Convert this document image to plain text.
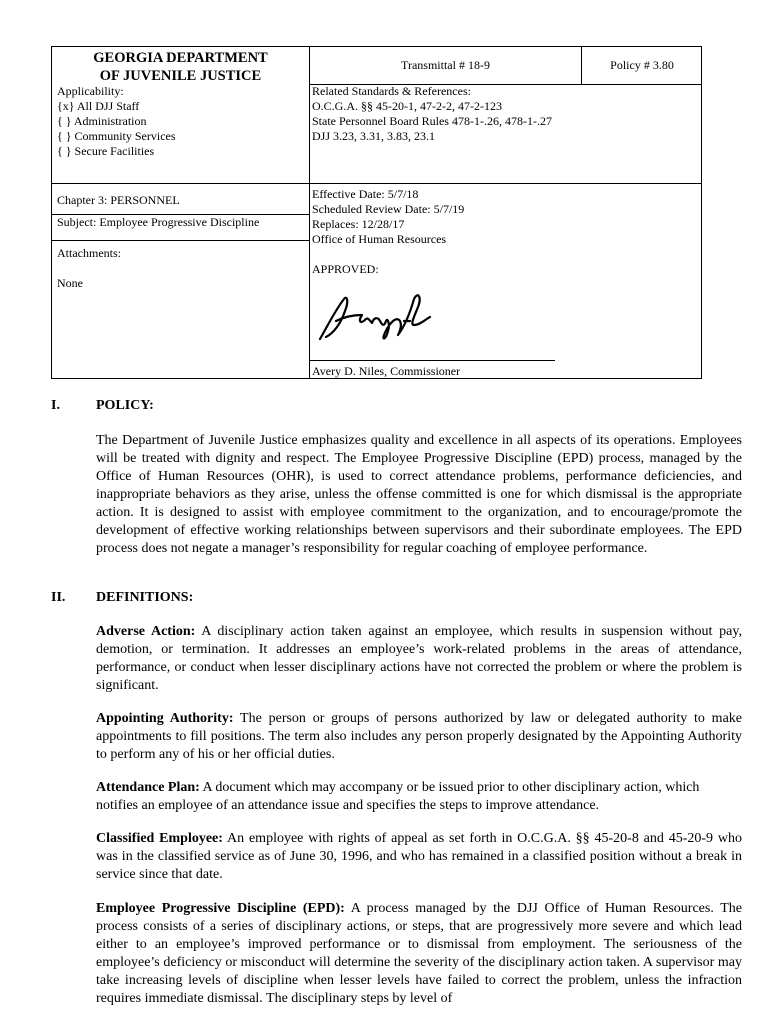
GEORGIA DEPARTMENT
OF JUVENILE JUSTICE
Transmittal # 18-9	Policy # 3.80
Applicability:
{x} All DJJ Staff
{ } Administration
{ } Community Services
{ } Secure Facilities
Related Standards & References:
O.C.G.A. §§ 45-20-1, 47-2-2, 47-2-123
State Personnel Board Rules 478-1-.26, 478-1-.27
DJJ 3.23, 3.31, 3.83, 23.1
Chapter 3: PERSONNEL
Subject: Employee Progressive Discipline
Attachments:
None
Effective Date: 5/7/18
Scheduled Review Date: 5/7/19
Replaces: 12/28/17
Office of Human Resources
APPROVED:
Avery D. Niles, Commissioner
I.	POLICY:
The Department of Juvenile Justice emphasizes quality and excellence in all aspects of its operations. Employees will be treated with dignity and respect. The Employee Progressive Discipline (EPD) process, managed by the Office of Human Resources (OHR), is used to correct attendance problems, performance deficiencies, and inappropriate behaviors as they arise, unless the offense committed is one for which dismissal is the appropriate action. It is designed to assist with employee commitment to the organization, and to encourage/promote the development of effective working relationships between supervisors and their subordinate employees. The EPD process does not negate a manager’s responsibility for regular coaching of employee performance.
II. DEFINITIONS:
Adverse Action: A disciplinary action taken against an employee, which results in suspension without pay, demotion, or termination. It addresses an employee’s work-related problems in the areas of attendance, performance, or conduct when lesser disciplinary actions have not corrected the problem or where the problem is significant.
Appointing Authority: The person or groups of persons authorized by law or delegated authority to make appointments to fill positions. The term also includes any person properly designated by the Appointing Authority to perform any of his or her official duties.
Attendance Plan: A document which may accompany or be issued prior to other disciplinary action, which notifies an employee of an attendance issue and specifies the steps to improve attendance.
Classified Employee: An employee with rights of appeal as set forth in O.C.G.A. §§ 45-20-8 and 45-20-9 who was in the classified service as of June 30, 1996, and who has remained in a classified position without a break in service since that date.
Employee Progressive Discipline (EPD): A process managed by the DJJ Office of Human Resources. The process consists of a series of disciplinary actions, or steps, that are progressively more severe and which lead either to an employee’s improved performance or to dismissal from employment. The seriousness of the employee’s deficiency or misconduct will determine the severity of the disciplinary action taken. A supervisor may take increasing levels of discipline when lesser levels have failed to correct the problem, unless the infraction requires immediate dismissal. The disciplinary steps by level of
